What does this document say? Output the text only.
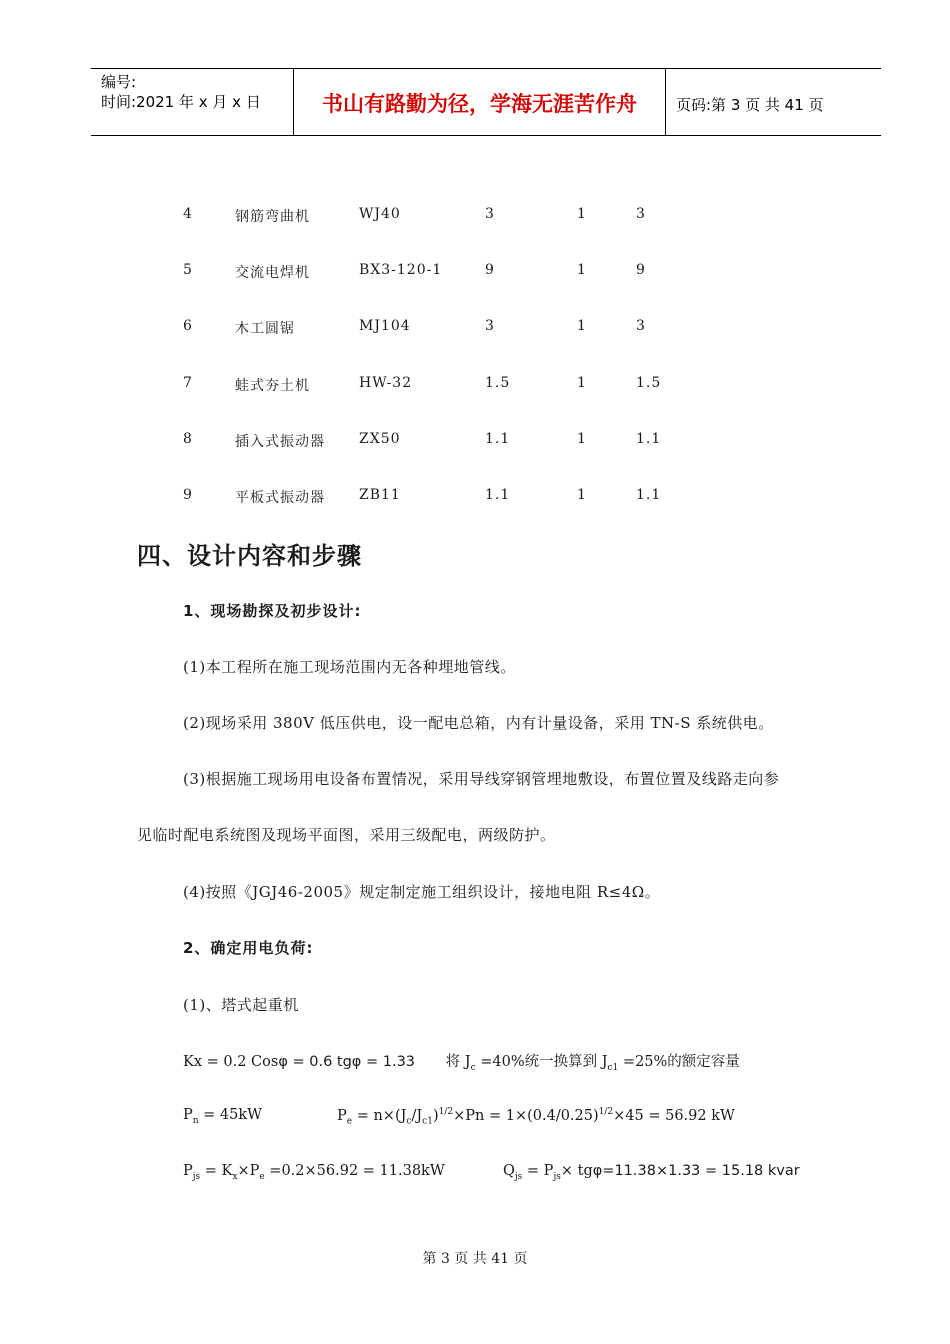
编号:
时间:2021 年 x 月 x 日	书山有路勤为径，学海无涯苦作舟	页码:第 3 页 共 41 页
4	钢筋弯曲机	WJ40	3	1	3
5	交流电焊机	BX3-120-1	9	1	9
6	木工圆锯	MJ104	3	1	3
7	蛙式夯土机	HW-32	1.5	1	1.5
8	插入式振动器 ZX50	1.1	1	1.1
9	平板式振动器 ZB11	1.1	1	1.1
四、设计内容和步骤
1、现场勘探及初步设计:
(1)本工程所在施工现场范围内无各种埋地管线。
(2)现场采用 380V 低压供电，设一配电总箱，内有计量设备，采用 TN-S 系统供电。
(3)根据施工现场用电设备布置情况，采用导线穿钢管埋地敷设，布置位置及线路走向参
见临时配电系统图及现场平面图，采用三级配电，两级防护。
(4)按照《JGJ46-2005》规定制定施工组织设计，接地电阻 R≤4Ω。
2、确定用电负荷:
(1)、塔式起重机
Kx = 0.2 Cosφ = 0.6 tgφ = 1.33 将 $J_c =40\%$统一换算到 $J_{c1} =25\%$的额定容量
$P_n = 45kW$	$P_e = n\times(J_c/J_{c1})^{1/2}\times Pn = 1\times(0.4/0.25)^{1/2}\times 45 = 56.92$ kW
$P_{js} = K_x\times P_e =0.2\times 56.92 = 11.38kW$	$Q_{js} = P_{js}\times tg\varphi=11.38\times 1.33 = 15.18$ kvar
第 3 页 共 41 页
